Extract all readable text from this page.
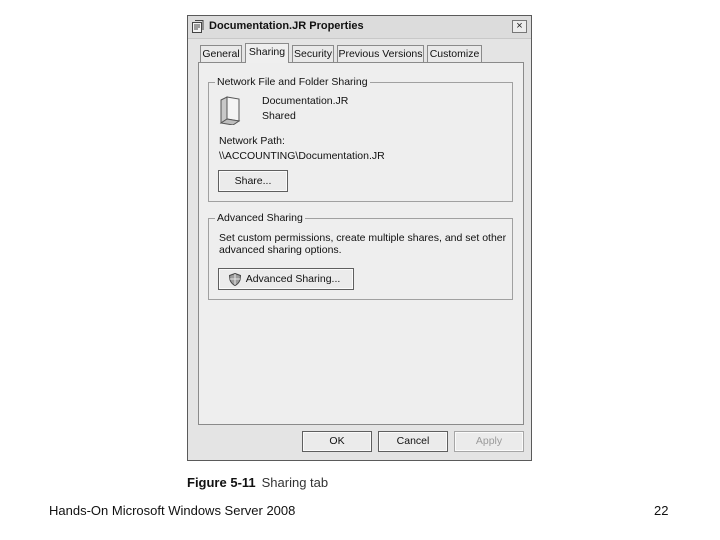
Documentation.JR Properties	×
General Sharing Security Previous Versions Customize
Network File and Folder Sharing
Documentation.JR
Shared
Network Path:
\\ACCOUNTING\Documentation.JR
Share...
Advanced Sharing
Set custom permissions, create multiple shares, and set other
advanced sharing options.
Advanced Sharing...
OK	Cancel	Apply
Figure 5-11 Sharing tab
Hands-On Microsoft Windows Server 2008	22
